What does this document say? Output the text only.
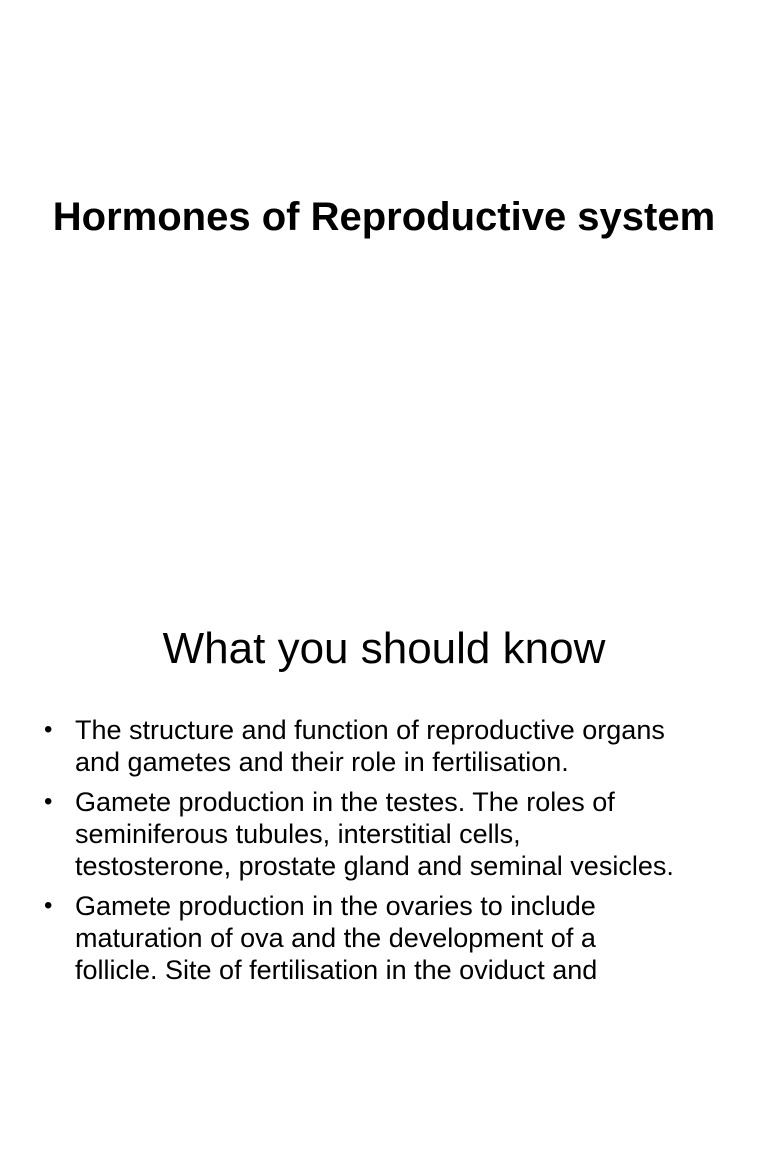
Hormones of Reproductive system
What you should know
• The structure and function of reproductive organs and gametes and their role in fertilisation.
• Gamete production in the testes. The roles of seminiferous tubules, interstitial cells, testosterone, prostate gland and seminal vesicles.
• Gamete production in the ovaries to include maturation of ova and the development of a follicle. Site of fertilisation in the oviduct and
